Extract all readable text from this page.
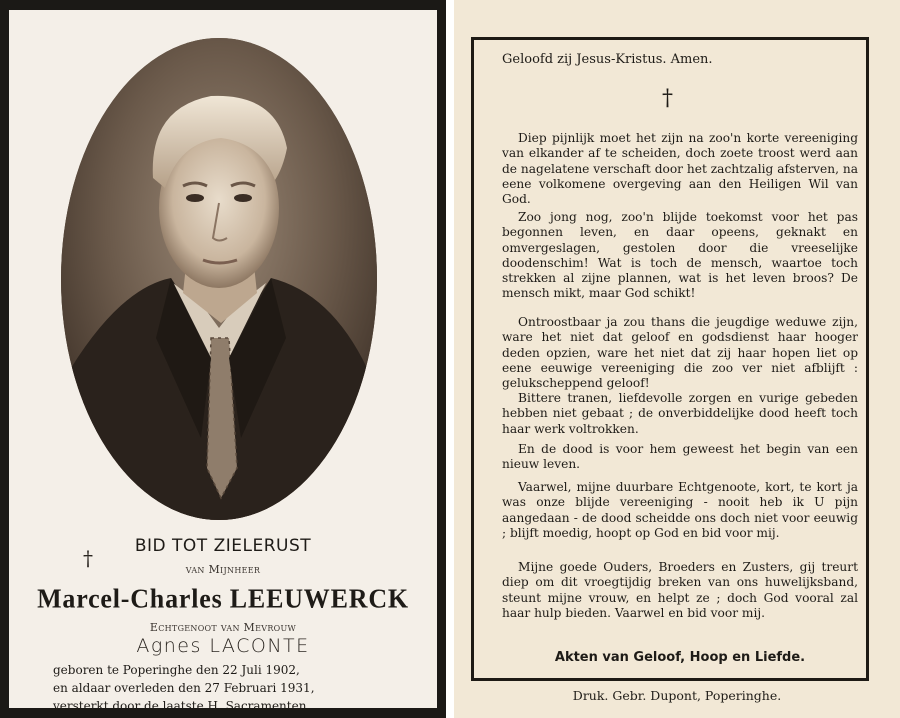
†	BID TOT ZIELERUST
van Mijnheer
Marcel-Charles LEEUWERCK
Echtgenoot van Mevrouw
Agnes LACONTE
geboren te Poperinghe den 22 Juli 1902,
en aldaar overleden den 27 Februari 1931,
versterkt door de laatste H. Sacramenten.
Geloofd zij Jesus-Kristus. Amen.
†

Diep pijnlijk moet het zijn na zoo'n korte vereeniging van elkander af te scheiden, doch zoete troost werd aan de nagelatene verschaft door het zachtzalig afsterven, na eene volkomene overgeving aan den Heiligen Wil van God.

Zoo jong nog, zoo'n blijde toekomst voor het pas begonnen leven, en daar opeens, geknakt en omvergeslagen, gestolen door die vreeselijke doodenschim! Wat is toch de mensch, waartoe toch strekken al zijne plannen, wat is het leven broos? De mensch mikt, maar God schikt!

Ontroostbaar ja zou thans die jeugdige weduwe zijn, ware het niet dat geloof en godsdienst haar hooger deden opzien, ware het niet dat zij haar hopen liet op eene eeuwige vereeniging die zoo ver niet afblijft : gelukscheppend geloof!

Bittere tranen, liefdevolle zorgen en vurige gebeden hebben niet gebaat ; de onverbiddelijke dood heeft toch haar werk voltrokken.

En de dood is voor hem geweest het begin van een nieuw leven.

Vaarwel, mijne duurbare Echtgenoote, kort, te kort ja was onze blijde vereeniging - nooit heb ik U pijn aangedaan - de dood scheidde ons doch niet voor eeuwig ; blijft moedig, hoopt op God en bid voor mij.

Mijne goede Ouders, Broeders en Zusters, gij treurt diep om dit vroegtijdig breken van ons huwelijksband, steunt mijne vrouw, en helpt ze ; doch God vooral zal haar hulp bieden. Vaarwel en bid voor mij.

Akten van Geloof, Hoop en Liefde.
Druk. Gebr. Dupont, Poperinghe.
